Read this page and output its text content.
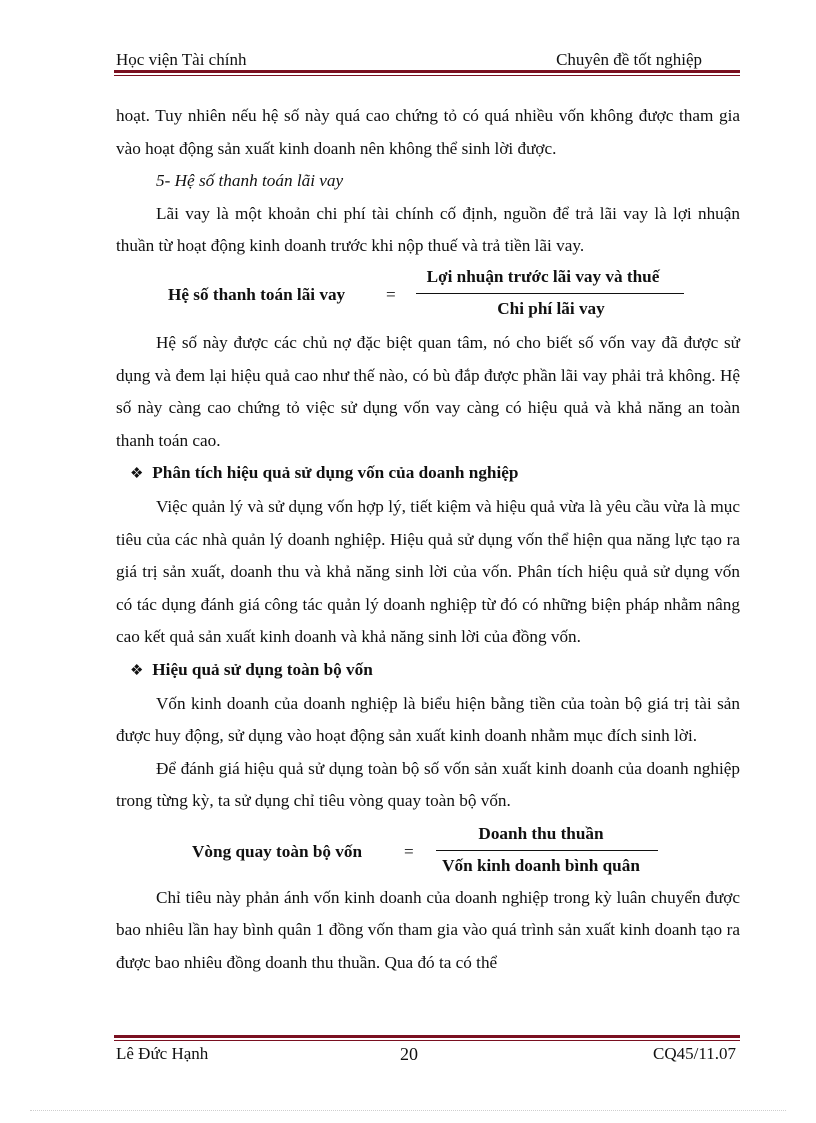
Học viện Tài chính	Chuyên đề tốt nghiệp

hoạt. Tuy nhiên nếu hệ số này quá cao chứng tỏ có quá nhiều vốn không được tham gia vào hoạt động sản xuất kinh doanh nên không thể sinh lời được.

5- Hệ số thanh toán lãi vay

Lãi vay là một khoản chi phí tài chính cố định, nguồn để trả lãi vay là lợi nhuận thuần từ hoạt động kinh doanh trước khi nộp thuế và trả tiền lãi vay.

Hệ số thanh toán lãi vay =
Lợi nhuận trước lãi vay và thuế
Chi phí lãi vay

Hệ số này được các chủ nợ đặc biệt quan tâm, nó cho biết số vốn vay đã được sử dụng và đem lại hiệu quả cao như thế nào, có bù đắp được phần lãi vay phải trả không. Hệ số này càng cao chứng tỏ việc sử dụng vốn vay càng có hiệu quả và khả năng an toàn thanh toán cao.

❖ Phân tích hiệu quả sử dụng vốn của doanh nghiệp

Việc quản lý và sử dụng vốn hợp lý, tiết kiệm và hiệu quả vừa là yêu cầu vừa là mục tiêu của các nhà quản lý doanh nghiệp. Hiệu quả sử dụng vốn thể hiện qua năng lực tạo ra giá trị sản xuất, doanh thu và khả năng sinh lời của vốn. Phân tích hiệu quả sử dụng vốn có tác dụng đánh giá công tác quản lý doanh nghiệp từ đó có những biện pháp nhằm nâng cao kết quả sản xuất kinh doanh và khả năng sinh lời của đồng vốn.

❖ Hiệu quả sử dụng toàn bộ vốn

Vốn kinh doanh của doanh nghiệp là biểu hiện bằng tiền của toàn bộ giá trị tài sản được huy động, sử dụng vào hoạt động sản xuất kinh doanh nhằm mục đích sinh lời.

Để đánh giá hiệu quả sử dụng toàn bộ số vốn sản xuất kinh doanh của doanh nghiệp trong từng kỳ, ta sử dụng chỉ tiêu vòng quay toàn bộ vốn.

Vòng quay toàn bộ vốn =
Doanh thu thuần
Vốn kinh doanh bình quân

Chỉ tiêu này phản ánh vốn kinh doanh của doanh nghiệp trong kỳ luân chuyển được bao nhiêu lần hay bình quân 1 đồng vốn tham gia vào quá trình sản xuất kinh doanh tạo ra được bao nhiêu đồng doanh thu thuần. Qua đó ta có thể

Lê Đức Hạnh	20	CQ45/11.07
